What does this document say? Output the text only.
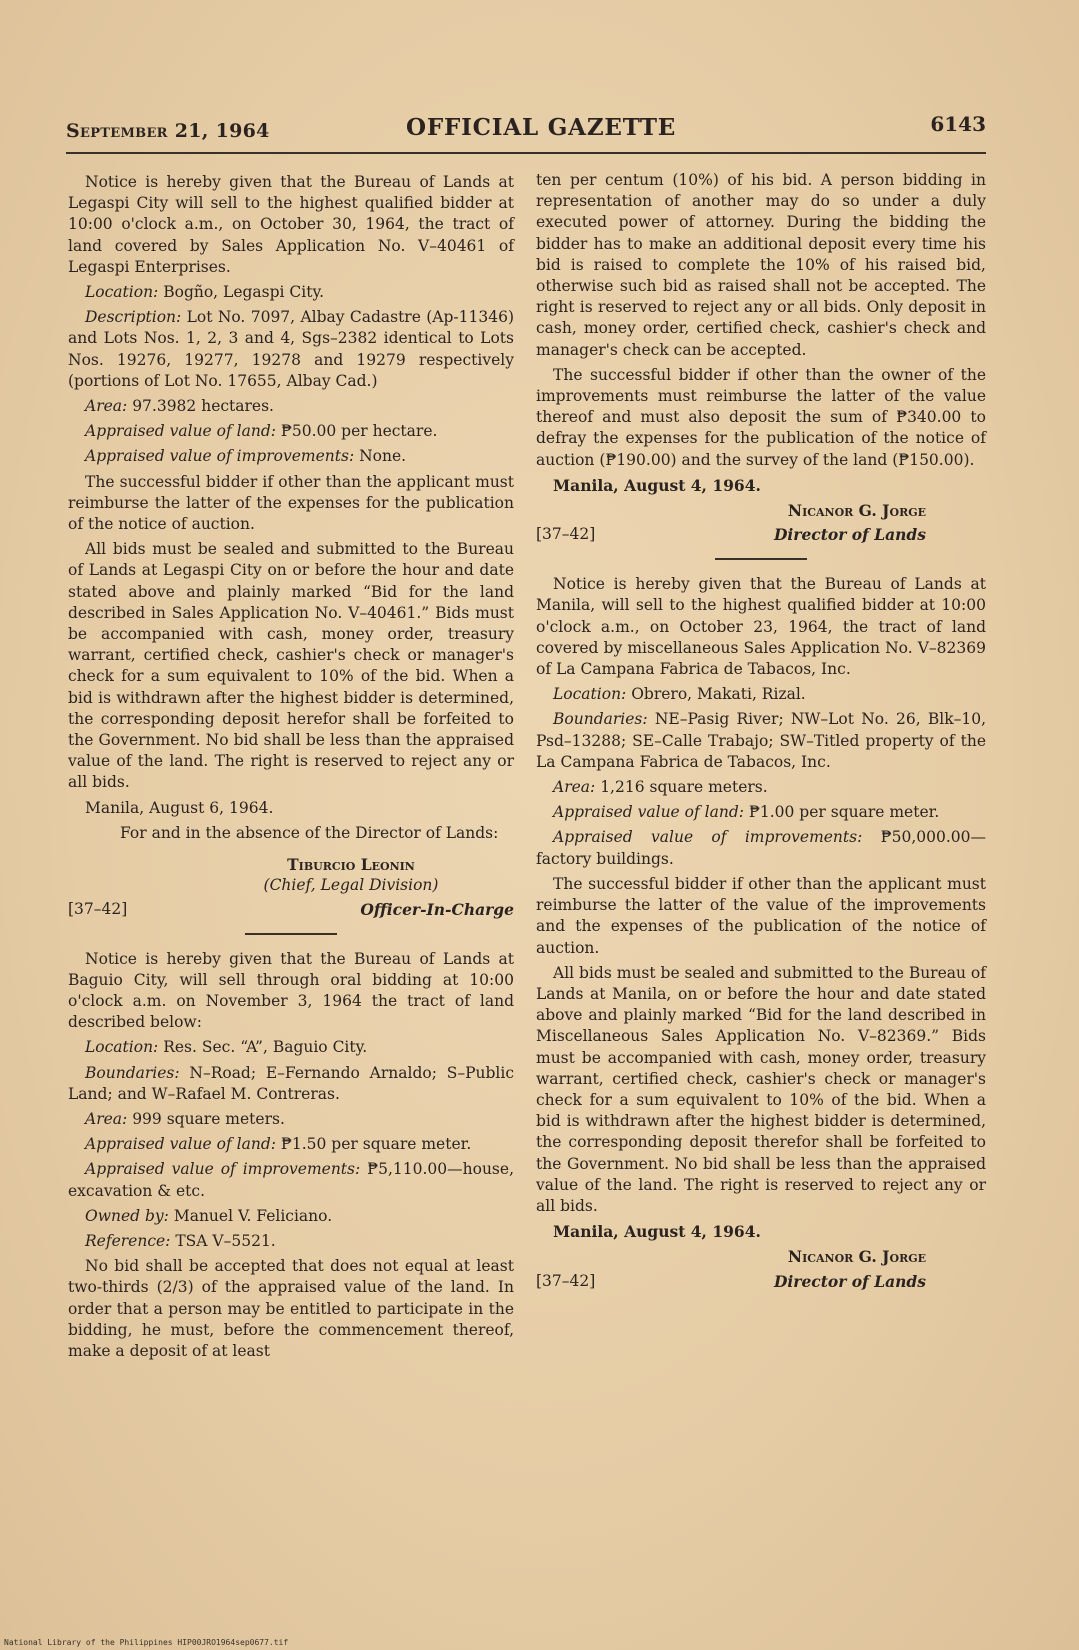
September 21, 1964	OFFICIAL GAZETTE	6143

Notice is hereby given that the Bureau of Lands at Legaspi City will sell to the highest qualified bidder at 10:00 o'clock a.m., on October 30, 1964, the tract of land covered by Sales Application No. V–40461 of Legaspi Enterprises.

Location: Bogño, Legaspi City.

Description: Lot No. 7097, Albay Cadastre (Ap-11346) and Lots Nos. 1, 2, 3 and 4, Sgs–2382 identical to Lots Nos. 19276, 19277, 19278 and 19279 respectively (portions of Lot No. 17655, Albay Cad.)

Area: 97.3982 hectares.

Appraised value of land: ₱50.00 per hectare.

Appraised value of improvements: None.

The successful bidder if other than the applicant must reimburse the latter of the expenses for the publication of the notice of auction.

All bids must be sealed and submitted to the Bureau of Lands at Legaspi City on or before the hour and date stated above and plainly marked “Bid for the land described in Sales Application No. V–40461.” Bids must be accompanied with cash, money order, treasury warrant, certified check, cashier's check or manager's check for a sum equivalent to 10% of the bid. When a bid is withdrawn after the highest bidder is determined, the corresponding deposit herefor shall be forfeited to the Government. No bid shall be less than the appraised value of the land. The right is reserved to reject any or all bids.

Manila, August 6, 1964.

For and in the absence of the Director of Lands:

Tiburcio Leonin
(Chief, Legal Division)
[37–42]	Officer-In-Charge

Notice is hereby given that the Bureau of Lands at Baguio City, will sell through oral bidding at 10:00 o'clock a.m. on November 3, 1964 the tract of land described below:

Location: Res. Sec. “A”, Baguio City.

Boundaries: N–Road; E–Fernando Arnaldo; S–Public Land; and W–Rafael M. Contreras.

Area: 999 square meters.

Appraised value of land: ₱1.50 per square meter.

Appraised value of improvements: ₱5,110.00—house, excavation & etc.

Owned by: Manuel V. Feliciano.

Reference: TSA V–5521.

No bid shall be accepted that does not equal at least two-thirds (2/3) of the appraised value of the land. In order that a person may be entitled to participate in the bidding, he must, before the commencement thereof, make a deposit of at least

ten per centum (10%) of his bid. A person bidding in representation of another may do so under a duly executed power of attorney. During the bidding the bidder has to make an additional deposit every time his bid is raised to complete the 10% of his raised bid, otherwise such bid as raised shall not be accepted. The right is reserved to reject any or all bids. Only deposit in cash, money order, certified check, cashier's check and manager's check can be accepted.

The successful bidder if other than the owner of the improvements must reimburse the latter of the value thereof and must also deposit the sum of ₱340.00 to defray the expenses for the publication of the notice of auction (₱190.00) and the survey of the land (₱150.00).

Manila, August 4, 1964.

Nicanor G. Jorge
[37–42]	Director of Lands

Notice is hereby given that the Bureau of Lands at Manila, will sell to the highest qualified bidder at 10:00 o'clock a.m., on October 23, 1964, the tract of land covered by miscellaneous Sales Application No. V–82369 of La Campana Fabrica de Tabacos, Inc.

Location: Obrero, Makati, Rizal.

Boundaries: NE–Pasig River; NW–Lot No. 26, Blk–10, Psd–13288; SE–Calle Trabajo; SW–Titled property of the La Campana Fabrica de Tabacos, Inc.

Area: 1,216 square meters.

Appraised value of land: ₱1.00 per square meter.

Appraised value of improvements: ₱50,000.00—factory buildings.

The successful bidder if other than the applicant must reimburse the latter of the value of the improvements and the expenses of the publication of the notice of auction.

All bids must be sealed and submitted to the Bureau of Lands at Manila, on or before the hour and date stated above and plainly marked “Bid for the land described in Miscellaneous Sales Application No. V–82369.” Bids must be accompanied with cash, money order, treasury warrant, certified check, cashier's check or manager's check for a sum equivalent to 10% of the bid. When a bid is withdrawn after the highest bidder is determined, the corresponding deposit therefor shall be forfeited to the Government. No bid shall be less than the appraised value of the land. The right is reserved to reject any or all bids.

Manila, August 4, 1964.

Nicanor G. Jorge
[37–42]	Director of Lands
National Library of the Philippines HIP00JRO1964sep0677.tif
